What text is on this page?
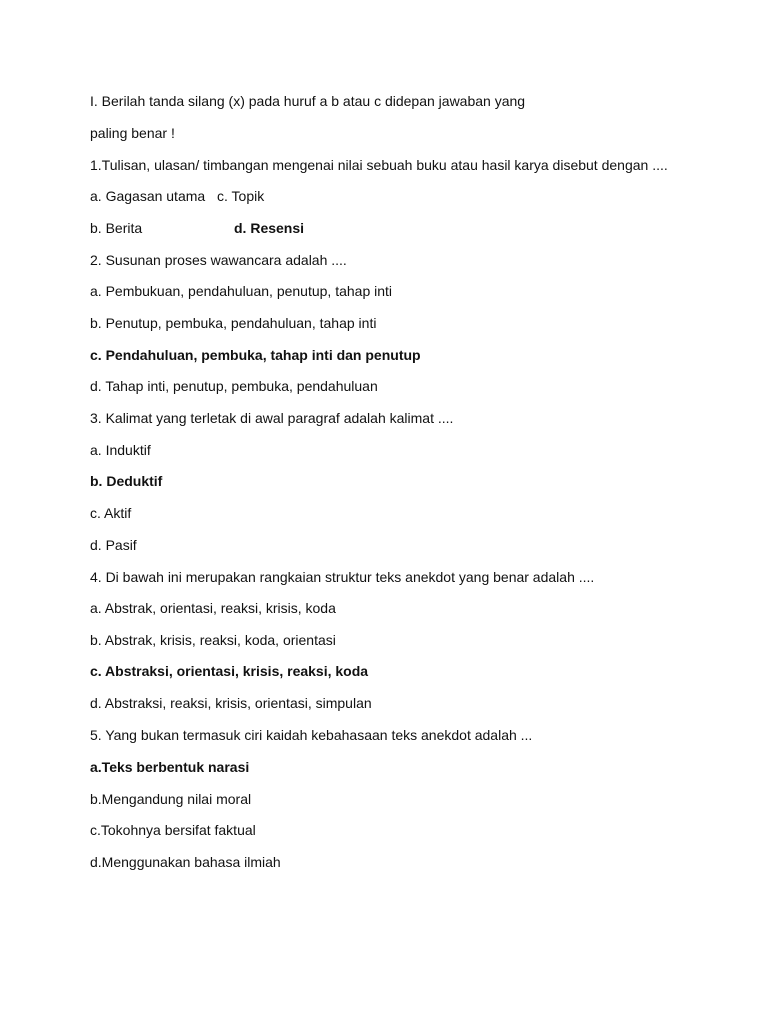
I. Berilah tanda silang (x) pada huruf a b atau c didepan jawaban yang
paling benar !
1.Tulisan, ulasan/ timbangan mengenai nilai sebuah buku atau hasil karya disebut dengan ....
a. Gagasan utama c. Topik
b. Berita	d. Resensi
2. Susunan proses wawancara adalah ....
a. Pembukuan, pendahuluan, penutup, tahap inti
b. Penutup, pembuka, pendahuluan, tahap inti
c. Pendahuluan, pembuka, tahap inti dan penutup
d. Tahap inti, penutup, pembuka, pendahuluan
3. Kalimat yang terletak di awal paragraf adalah kalimat ....
a. Induktif
b. Deduktif
c. Aktif
d. Pasif
4. Di bawah ini merupakan rangkaian struktur teks anekdot yang benar adalah ....
a. Abstrak, orientasi, reaksi, krisis, koda
b. Abstrak, krisis, reaksi, koda, orientasi
c. Abstraksi, orientasi, krisis, reaksi, koda
d. Abstraksi, reaksi, krisis, orientasi, simpulan
5. Yang bukan termasuk ciri kaidah kebahasaan teks anekdot adalah ...
a.Teks berbentuk narasi
b.Mengandung nilai moral
c.Tokohnya bersifat faktual
d.Menggunakan bahasa ilmiah
